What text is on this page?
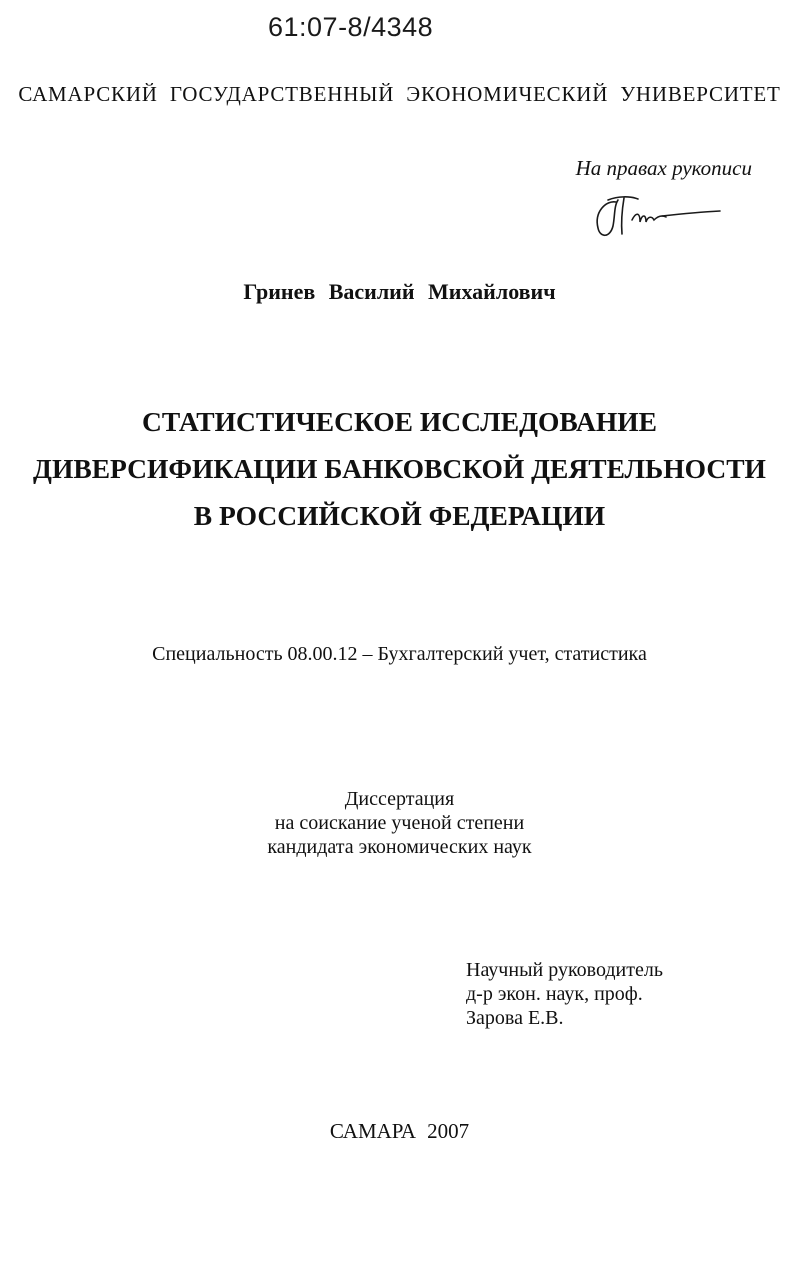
61:07-8/4348
САМАРСКИЙ ГОСУДАРСТВЕННЫЙ ЭКОНОМИЧЕСКИЙ УНИВЕРСИТЕТ
На правах рукописи
Гринев Василий Михайлович
СТАТИСТИЧЕСКОЕ ИССЛЕДОВАНИЕ
ДИВЕРСИФИКАЦИИ БАНКОВСКОЙ ДЕЯТЕЛЬНОСТИ
В РОССИЙСКОЙ ФЕДЕРАЦИИ
Специальность 08.00.12 – Бухгалтерский учет, статистика
Диссертация
на соискание ученой степени
кандидата экономических наук
Научный руководитель
д-р экон. наук, проф.
Зарова Е.В.
САМАРА 2007
